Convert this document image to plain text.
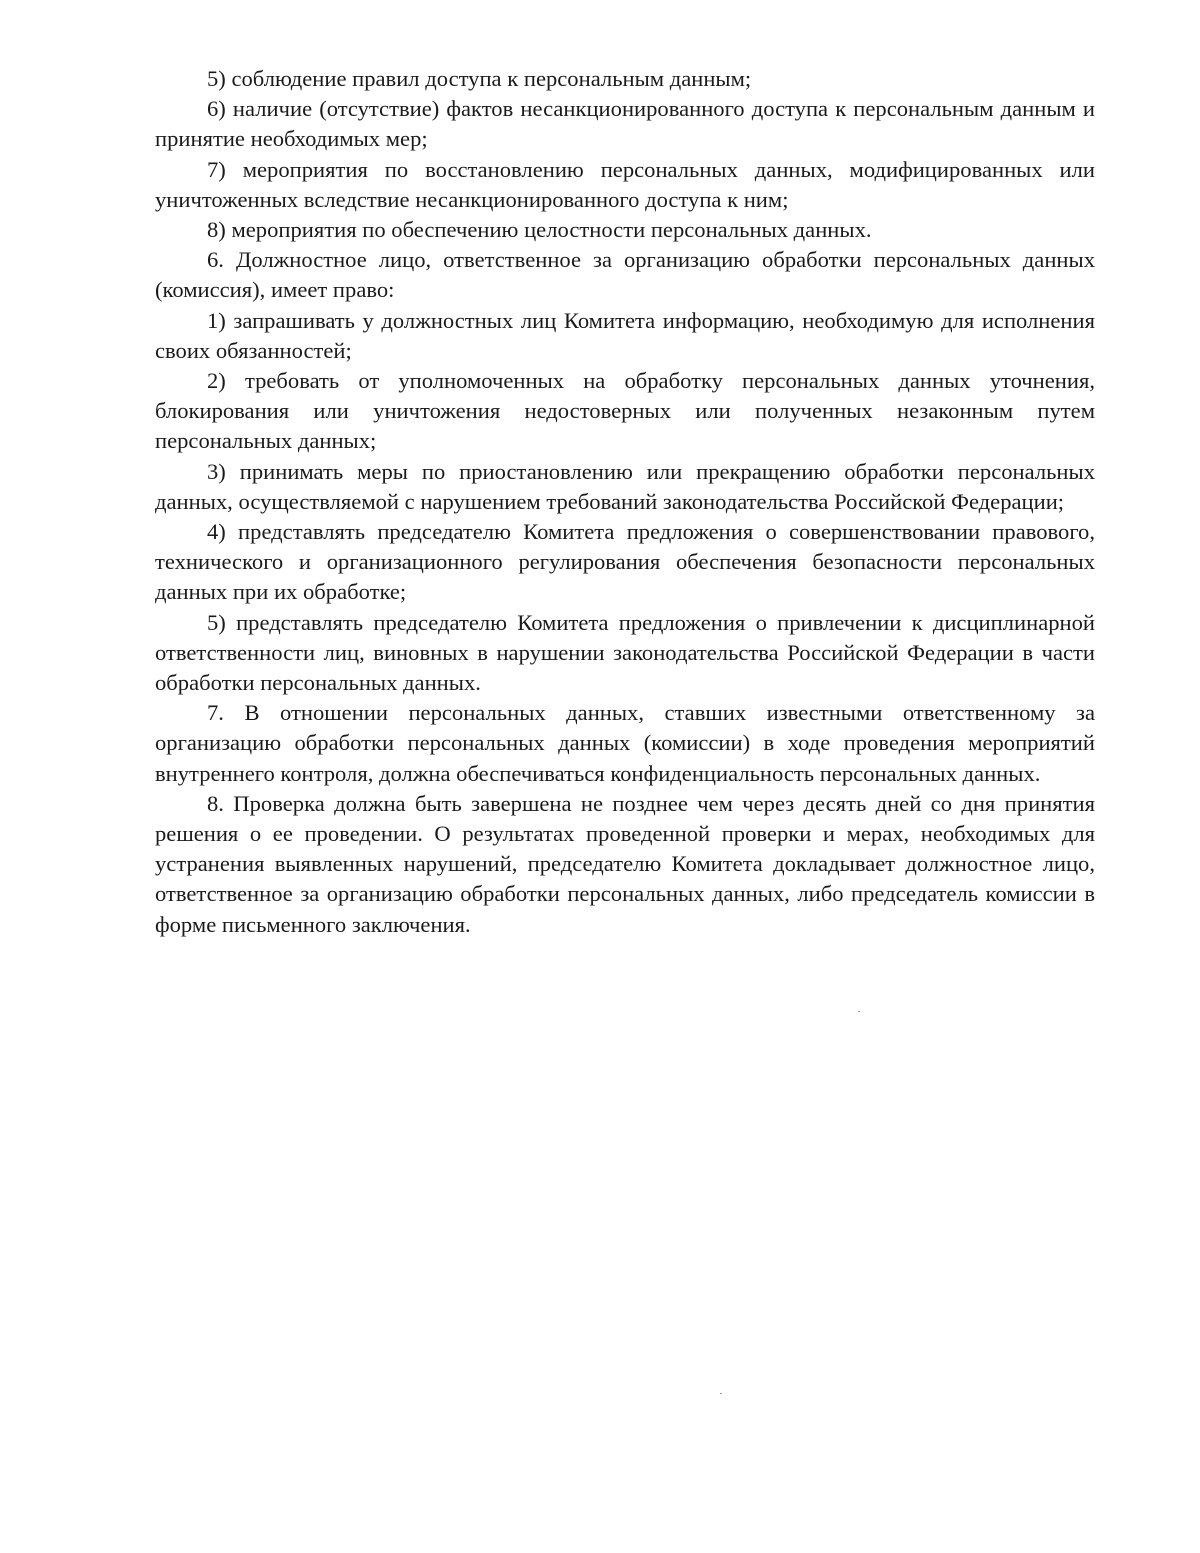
5) соблюдение правил доступа к персональным данным;

6) наличие (отсутствие) фактов несанкционированного доступа к персональным данным и принятие необходимых мер;

7) мероприятия по восстановлению персональных данных, модифицированных или уничтоженных вследствие несанкционированного доступа к ним;

8) мероприятия по обеспечению целостности персональных данных.

6. Должностное лицо, ответственное за организацию обработки персональных данных (комиссия), имеет право:

1) запрашивать у должностных лиц Комитета информацию, необходимую для исполнения своих обязанностей;

2) требовать от уполномоченных на обработку персональных данных уточнения, блокирования или уничтожения недостоверных или полученных незаконным путем персональных данных;

3) принимать меры по приостановлению или прекращению обработки персональных данных, осуществляемой с нарушением требований законодательства Российской Федерации;

4) представлять председателю Комитета предложения о совершенствовании правового, технического и организационного регулирования обеспечения безопасности персональных данных при их обработке;

5) представлять председателю Комитета предложения о привлечении к дисциплинарной ответственности лиц, виновных в нарушении законодательства Российской Федерации в части обработки персональных данных.

7. В отношении персональных данных, ставших известными ответственному за организацию обработки персональных данных (комиссии) в ходе проведения мероприятий внутреннего контроля, должна обеспечиваться конфиденциальность персональных данных.

8. Проверка должна быть завершена не позднее чем через десять дней со дня принятия решения о ее проведении. О результатах проведенной проверки и мерах, необходимых для устранения выявленных нарушений, председателю Комитета докладывает должностное лицо, ответственное за организацию обработки персональных данных, либо председатель комиссии в форме письменного заключения.
